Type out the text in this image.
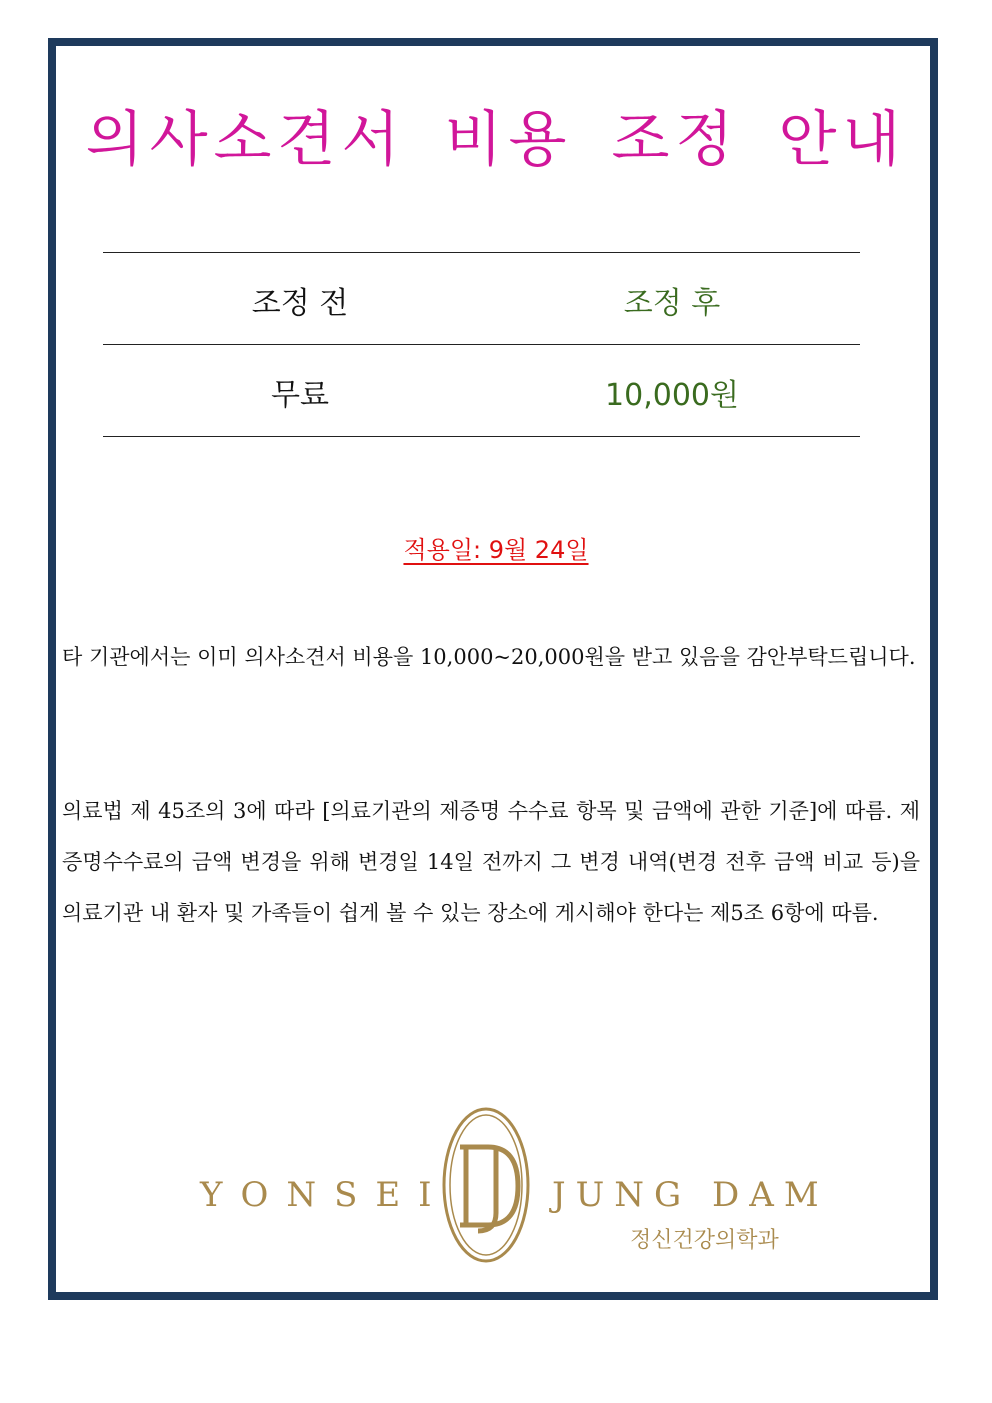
의사소견서 비용 조정 안내
조정 전	조정 후
무료	10,000원
적용일: 9월 24일
타 기관에서는 이미 의사소견서 비용을 10,000~20,000원을 받고 있음을 감안부탁드립니다.
의료법 제 45조의 3에 따라 [의료기관의 제증명 수수료 항목 및 금액에 관한 기준]에 따름. 제증명수수료의 금액 변경을 위해 변경일 14일 전까지 그 변경 내역(변경 전후 금액 비교 등)을 의료기관 내 환자 및 가족들이 쉽게 볼 수 있는 장소에 게시해야 한다는 제5조 6항에 따름.
YONSEI	JUNG DAM
정신건강의학과
